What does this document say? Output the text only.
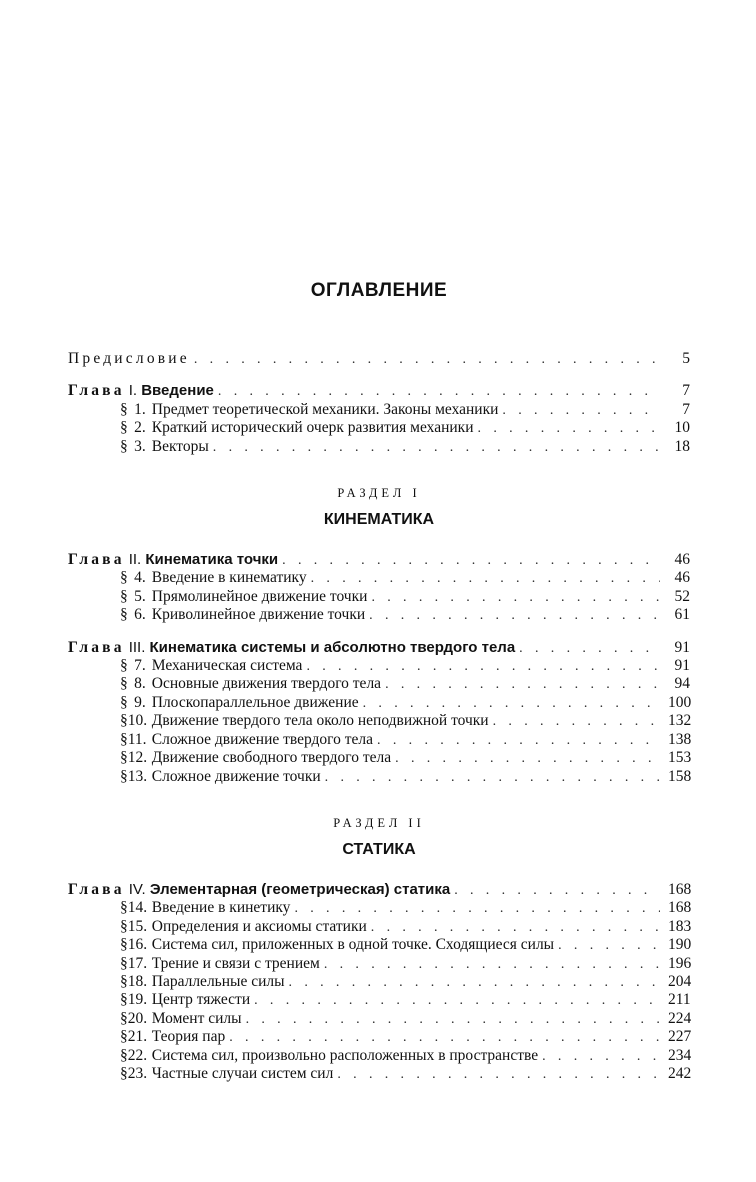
ОГЛАВЛЕНИЕ
Предисловие . . .	5
Глава I. Введение . . .	7
§ 1. Предмет теоретической механики. Законы механики . . .	7
§ 2. Краткий исторический очерк развития механики . . .	10
§ 3. Векторы . . .	18
РАЗДЕЛ I
КИНЕМАТИКА
Глава II. Кинематика точки . . .	46
§ 4. Введение в кинематику . . .	46
§ 5. Прямолинейное движение точки . . .	52
§ 6. Криволинейное движение точки . . .	61
Глава III. Кинематика системы и абсолютно твердого тела . . .	91
§ 7. Механическая система . . .	91
§ 8. Основные движения твердого тела . . .	94
§ 9. Плоскопараллельное движение . . .	100
§ 10. Движение твердого тела около неподвижной точки . . .	132
§ 11. Сложное движение твердого тела . . .	138
§ 12. Движение свободного твердого тела . . .	153
§ 13. Сложное движение точки . . .	158
РАЗДЕЛ II
СТАТИКА
Глава IV. Элементарная (геометрическая) статика . . .	168
§ 14. Введение в кинетику . . .	168
§ 15. Определения и аксиомы статики . . .	183
§ 16. Система сил, приложенных в одной точке. Сходящиеся силы . . .	190
§ 17. Трение и связи с трением . . .	196
§ 18. Параллельные силы . . .	204
§ 19. Центр тяжести . . .	211
§ 20. Момент силы . . .	224
§ 21. Теория пар . . .	227
§ 22. Система сил, произвольно расположенных в пространстве . . .	234
§ 23. Частные случаи систем сил . . .	242
